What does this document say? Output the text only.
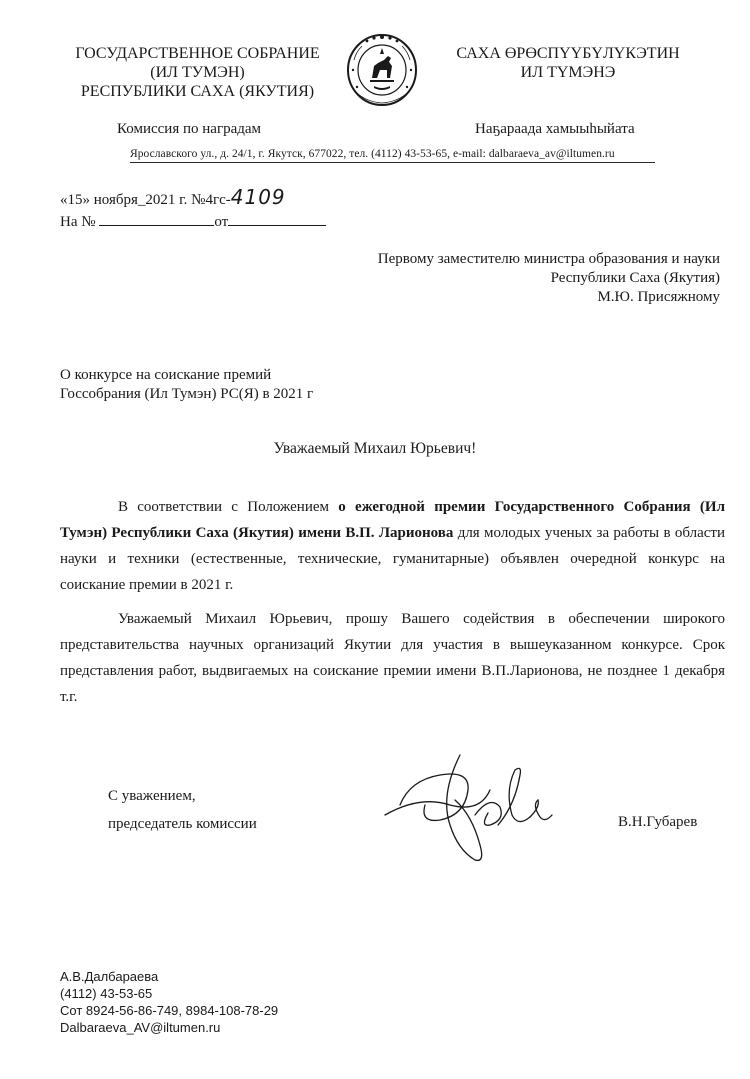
ГОСУДАРСТВЕННОЕ СОБРАНИЕ
(ИЛ ТУМЭН)
РЕСПУБЛИКИ САХА (ЯКУТИЯ)
САХА ӨРӨСПҮҮБҮЛҮКЭТИН
ИЛ ТҮМЭНЭ
Комиссия по наградам	Наҕараада хамыыһыйата
Ярославского ул., д. 24/1, г. Якутск, 677022, тел. (4112) 43-53-65, e-mail: dalbaraeva_av@iltumen.ru
«15» ноября_2021 г. №4гс-4109
На №	от
Первому заместителю министра образования и науки
Республики Саха (Якутия)
М.Ю. Присяжному
О конкурсе на соискание премий
Госсобрания (Ил Тумэн) РС(Я) в 2021 г
Уважаемый Михаил Юрьевич!

В соответствии с Положением о ежегодной премии Государственного Собрания (Ил Тумэн) Республики Саха (Якутия) имени В.П. Ларионова для молодых ученых за работы в области науки и техники (естественные, технические, гуманитарные) объявлен очередной конкурс на соискание премии в 2021 г.

Уважаемый Михаил Юрьевич, прошу Вашего содействия в обеспечении широкого представительства научных организаций Якутии для участия в вышеуказанном конкурсе. Срок представления работ, выдвигаемых на соискание премии имени В.П.Ларионова, не позднее 1 декабря т.г.

С уважением,
председатель комиссии	В.Н.Губарев
А.В.Далбараева
(4112) 43-53-65
Сот 8924-56-86-749, 8984-108-78-29
Dalbaraeva_AV@iltumen.ru
